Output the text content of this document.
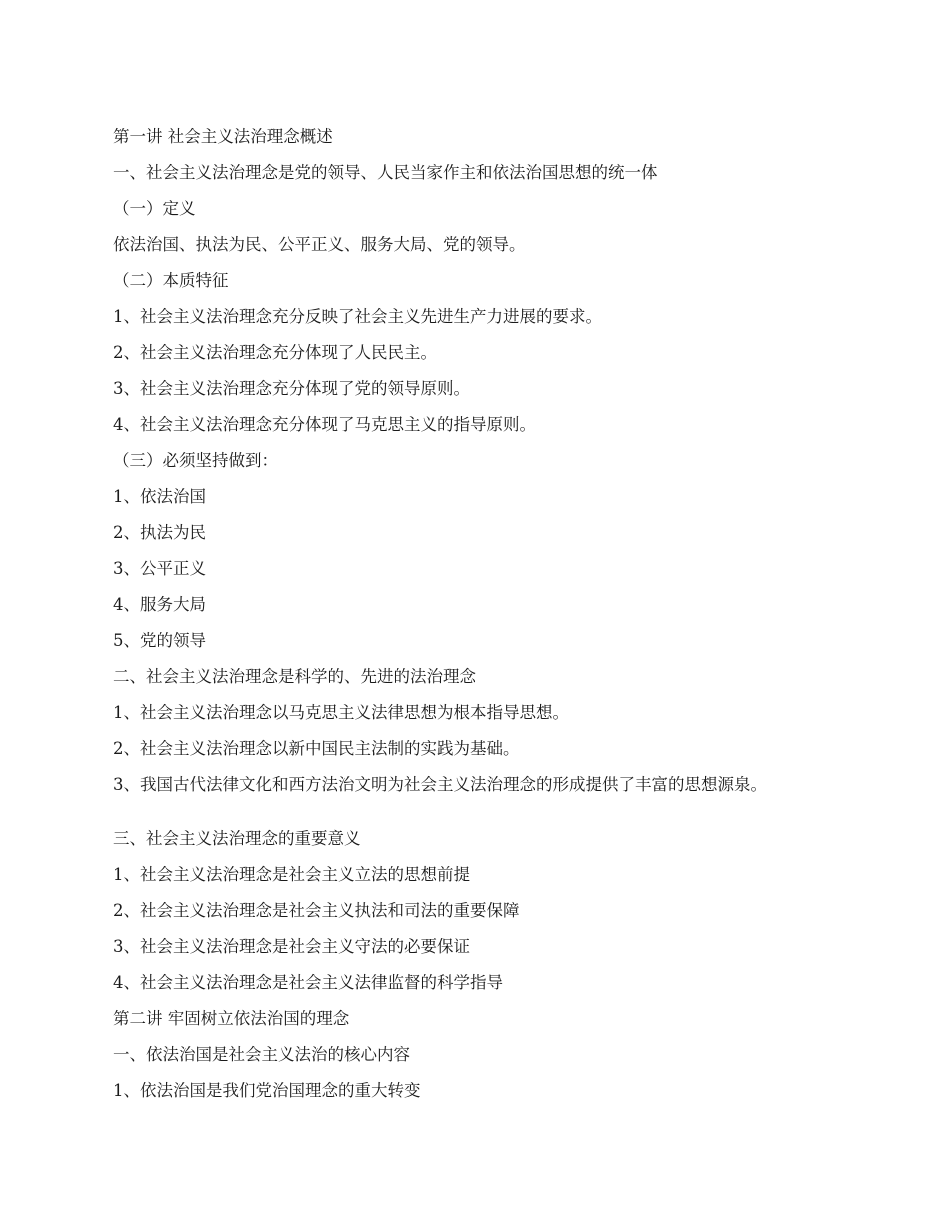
第一讲 社会主义法治理念概述

一、社会主义法治理念是党的领导、人民当家作主和依法治国思想的统一体

（一）定义

依法治国、执法为民、公平正义、服务大局、党的领导。

（二）本质特征

1、社会主义法治理念充分反映了社会主义先进生产力进展的要求。

2、社会主义法治理念充分体现了人民民主。

3、社会主义法治理念充分体现了党的领导原则。

4、社会主义法治理念充分体现了马克思主义的指导原则。

（三）必须坚持做到：

1、依法治国

2、执法为民

3、公平正义

4、服务大局

5、党的领导

二、社会主义法治理念是科学的、先进的法治理念

1、社会主义法治理念以马克思主义法律思想为根本指导思想。

2、社会主义法治理念以新中国民主法制的实践为基础。

3、我国古代法律文化和西方法治文明为社会主义法治理念的形成提供了丰富的思想源泉。

三、社会主义法治理念的重要意义

1、社会主义法治理念是社会主义立法的思想前提

2、社会主义法治理念是社会主义执法和司法的重要保障

3、社会主义法治理念是社会主义守法的必要保证

4、社会主义法治理念是社会主义法律监督的科学指导

第二讲 牢固树立依法治国的理念

一、依法治国是社会主义法治的核心内容

1、依法治国是我们党治国理念的重大转变
